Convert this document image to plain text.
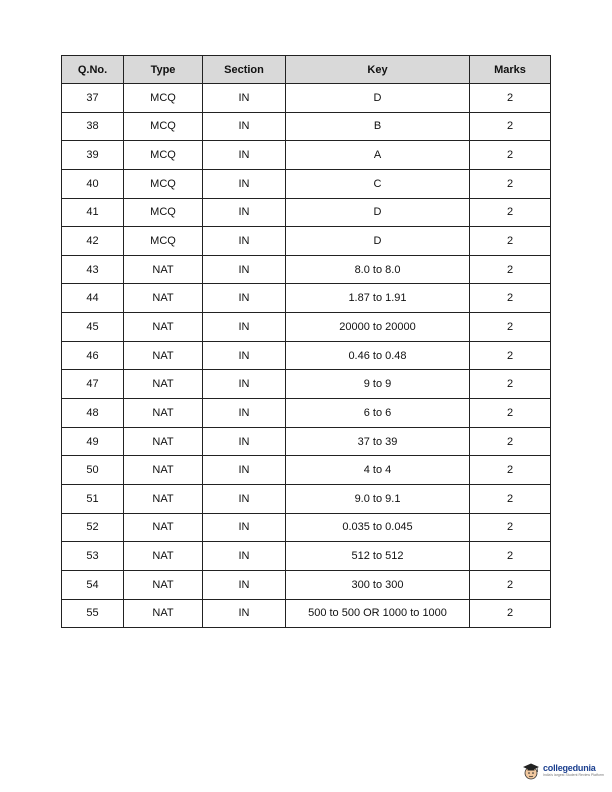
Q.No.	Type	Section	Key	Marks
37	MCQ	IN	D	2
38	MCQ	IN	B	2
39	MCQ	IN	A	2
40	MCQ	IN	C	2
41	MCQ	IN	D	2
42	MCQ	IN	D	2
43	NAT	IN	8.0 to 8.0	2
44	NAT	IN	1.87 to 1.91	2
45	NAT	IN	20000 to 20000	2
46	NAT	IN	0.46 to 0.48	2
47	NAT	IN	9 to 9	2
48	NAT	IN	6 to 6	2
49	NAT	IN	37 to 39	2
50	NAT	IN	4 to 4	2
51	NAT	IN	9.0 to 9.1	2
52	NAT	IN	0.035 to 0.045	2
53	NAT	IN	512 to 512	2
54	NAT	IN	300 to 300	2
55	NAT	IN	500 to 500 OR 1000 to 1000	2
collegedunia
India's largest Student Review Platform
